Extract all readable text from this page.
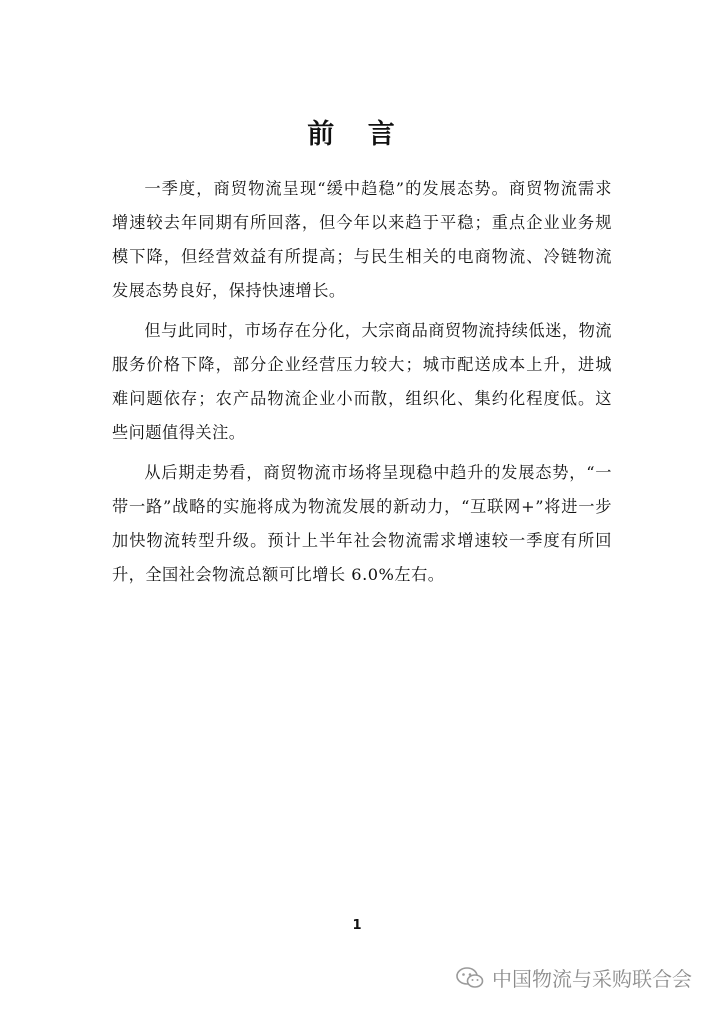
前 言

一季度，商贸物流呈现“缓中趋稳”的发展态势。商贸物流需求增速较去年同期有所回落，但今年以来趋于平稳；重点企业业务规模下降，但经营效益有所提高；与民生相关的电商物流、冷链物流发展态势良好，保持快速增长。

但与此同时，市场存在分化，大宗商品商贸物流持续低迷，物流服务价格下降，部分企业经营压力较大；城市配送成本上升，进城难问题依存；农产品物流企业小而散，组织化、集约化程度低。这些问题值得关注。

从后期走势看，商贸物流市场将呈现稳中趋升的发展态势，“一带一路”战略的实施将成为物流发展的新动力，“互联网+”将进一步加快物流转型升级。预计上半年社会物流需求增速较一季度有所回升，全国社会物流总额可比增长 6.0%左右。

1
中国物流与采购联合会
